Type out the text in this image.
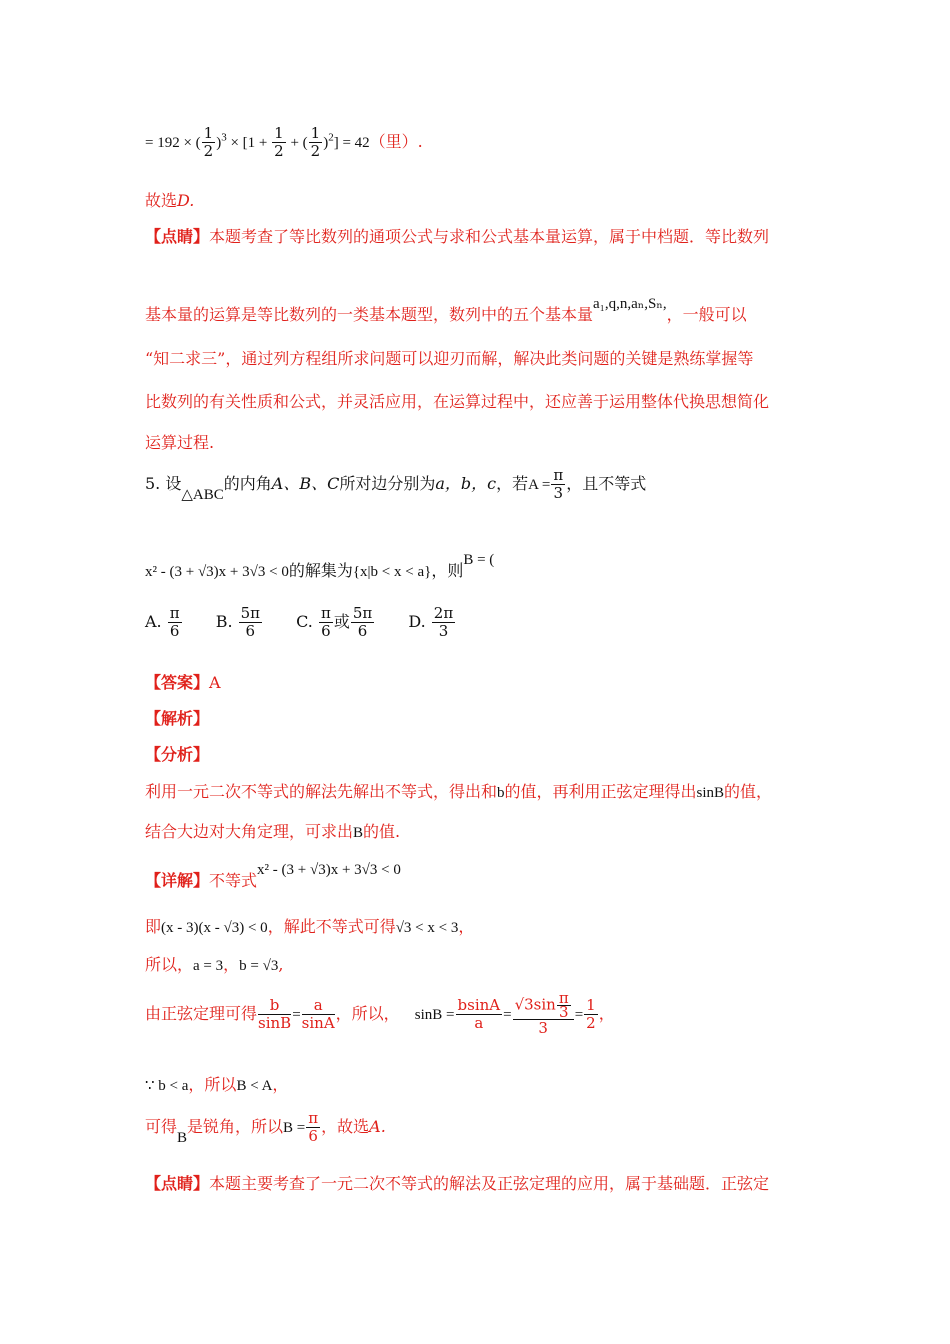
= 192 × ( $\frac{1}{2} )^3 \times [1 + \frac{1}{2}$ + ( $\frac{1}{2} )^2] = 42$（里）.
故选D.
【点睛】本题考查了等比数列的通项公式与求和公式基本量运算，属于中档题．等比数列
基本量的运算是等比数列的一类基本题型，数列中的五个基本量a₁,q,n,aₙ,Sₙ,，一般可以
“知二求三”，通过列方程组所求问题可以迎刃而解，解决此类问题的关键是熟练掌握等
比数列的有关性质和公式，并灵活应用，在运算过程中，还应善于运用整体代换思想简化
运算过程.
5. 设△ABC的内角A、B、C所对边分别为a，b，c，若$A = \frac{\pi}{3}$ ，且不等式
x² - (3 + √3)x + 3√3 < 0的解集为{x|b < x < a}，则B = (
A. $\frac{\pi}{6} B$. $\frac{5\pi}{6} C$. $\frac{\pi}{6}$ 或 $\frac{5\pi}{6} D$. $\frac{2\pi}{3}$
【答案】A
【解析】
【分析】
利用一元二次不等式的解法先解出不等式，得出和b的值，再利用正弦定理得出sinB的值，
结合大边对大角定理，可求出B的值.
【详解】不等式x² - (3 + √3)x + 3√3 < 0
即(x - 3)(x - √3) < 0，解此不等式可得√3 < x < 3，
所以，a = 3，b = √3,
由正弦定理可得 $\frac{b}{\sin B} = \frac{a}{\sin A}$ ，所以， $\sin B = \frac{bsinA}{a} = \frac{√3\sin \frac{\pi}{3}}{3} = \frac{1}{2}$ ，
∵ b < a，所以B < A，
可得B是锐角，所以$B = \frac{\pi}{6}$ ，故选A.
【点睛】本题主要考查了一元二次不等式的解法及正弦定理的应用，属于基础题．正弦定
